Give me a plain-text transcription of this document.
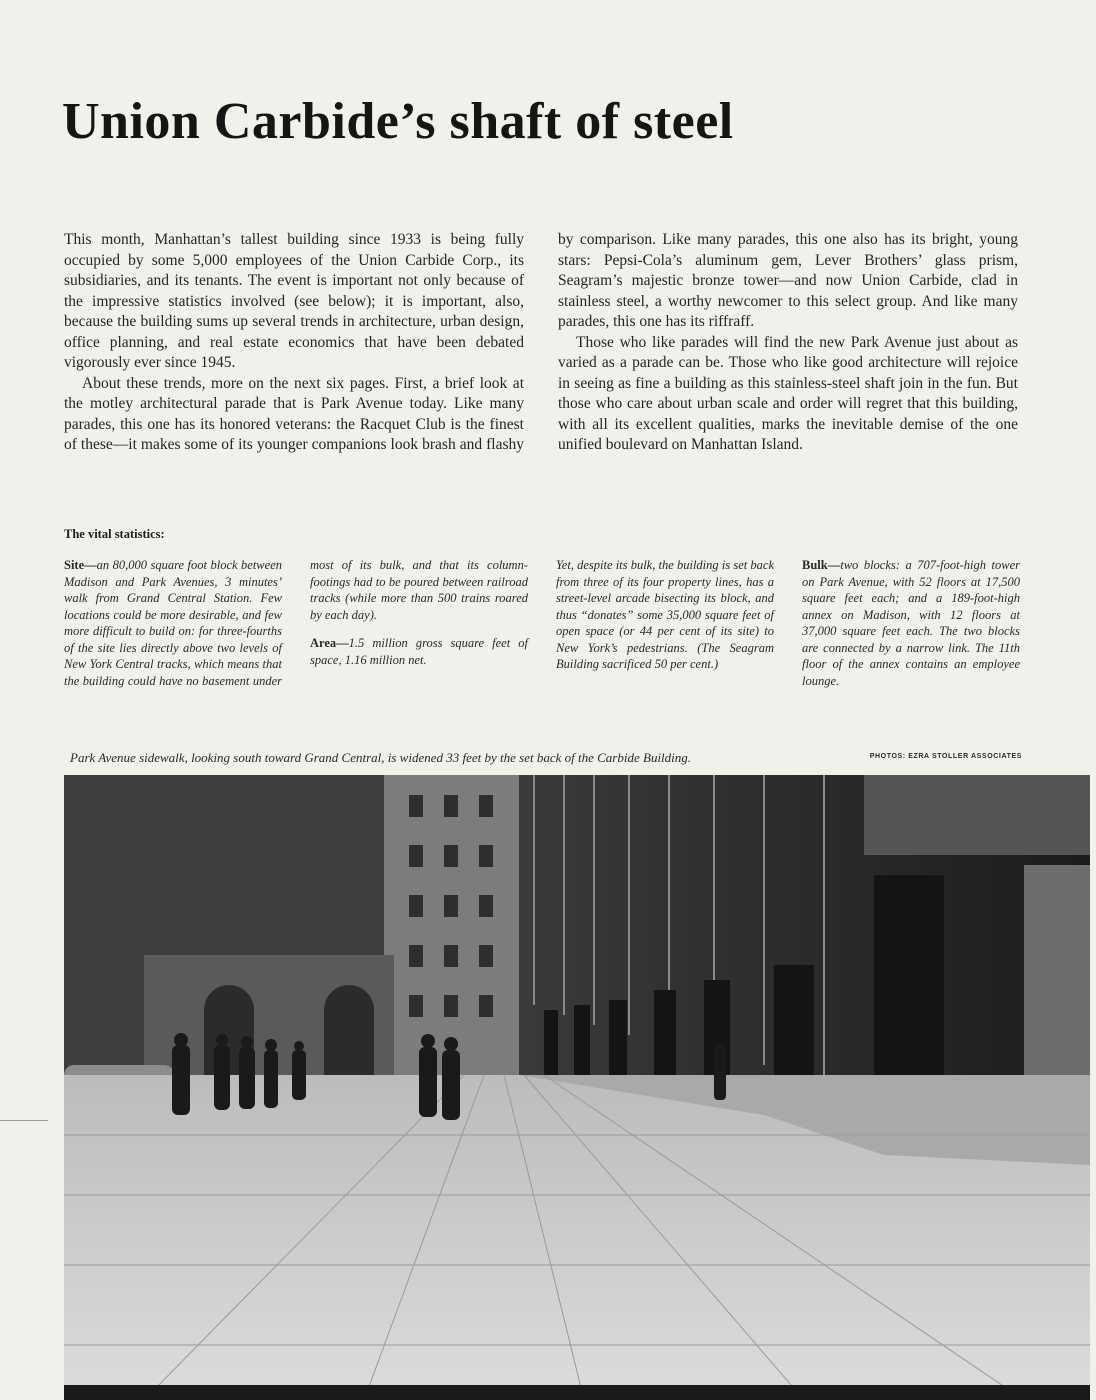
Union Carbide’s shaft of steel

This month, Manhattan’s tallest building since 1933 is being fully occupied by some 5,000 employees of the Union Carbide Corp., its subsidiaries, and its tenants. The event is important not only because of the impressive statistics involved (see below); it is important, also, because the building sums up several trends in architecture, urban design, office planning, and real estate economics that have been debated vigorously ever since 1945.

About these trends, more on the next six pages. First, a brief look at the motley architectural parade that is Park Avenue today. Like many parades, this one has its honored veterans: the Racquet Club is the finest of these—it makes some of its younger companions look brash and flashy by comparison. Like many parades, this one also has its bright, young stars: Pepsi-Cola’s aluminum gem, Lever Brothers’ glass prism, Seagram’s majestic bronze tower—and now Union Carbide, clad in stainless steel, a worthy newcomer to this select group. And like many parades, this one has its riffraff.

Those who like parades will find the new Park Avenue just about as varied as a parade can be. Those who like good architecture will rejoice in seeing as fine a building as this stainless-steel shaft join in the fun. But those who care about urban scale and order will regret that this building, with all its excellent qualities, marks the inevitable demise of the one unified boulevard on Manhattan Island.

The vital statistics:

Site—an 80,000 square foot block between Madison and Park Avenues, 3 minutes’ walk from Grand Central Station. Few locations could be more desirable, and few more difficult to build on: for three-fourths of the site lies directly above two levels of New York Central tracks, which means that the building could have no basement under most of its bulk, and that its column-footings had to be poured between railroad tracks (while more than 500 trains roared by each day).

Area—1.5 million gross square feet of space, 1.16 million net.

Yet, despite its bulk, the building is set back from three of its four property lines, has a street-level arcade bisecting its block, and thus “donates” some 35,000 square feet of open space (or 44 per cent of its site) to New York’s pedestrians. (The Seagram Building sacrificed 50 per cent.)

Bulk—two blocks: a 707-foot-high tower on Park Avenue, with 52 floors at 17,500 square feet each; and a 189-foot-high annex on Madison, with 12 floors at 37,000 square feet each. The two blocks are connected by a narrow link. The 11th floor of the annex contains an employee lounge.

PHOTOS: EZRA STOLLER ASSOCIATES
Park Avenue sidewalk, looking south toward Grand Central, is widened 33 feet by the set back of the Carbide Building.
